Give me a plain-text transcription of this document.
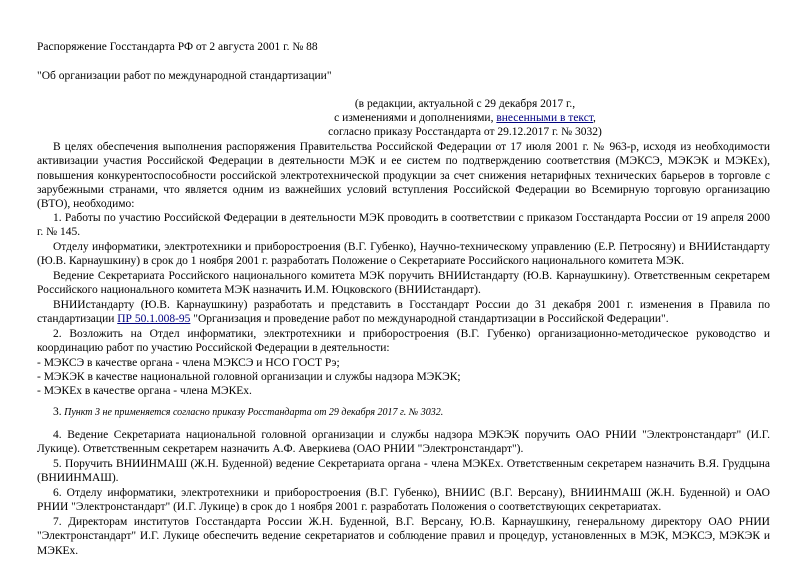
Распоряжение Госстандарта РФ от 2 августа 2001 г. № 88
"Об организации работ по международной стандартизации"
(в редакции, актуальной с 29 декабря 2017 г.,
с изменениями и дополнениями, внесенными в текст,
согласно приказу Росстандарта от 29.12.2017 г. № 3032)
В целях обеспечения выполнения распоряжения Правительства Российской Федерации от 17 июля 2001 г. № 963-р, исходя из необходимости активизации участия Российской Федерации в деятельности МЭК и ее систем по подтверждению соответствия (МЭКСЭ, МЭКЭК и МЭКЕх), повышения конкурентоспособности российской электротехнической продукции за счет снижения нетарифных технических барьеров в торговле с зарубежными странами, что является одним из важнейших условий вступления Российской Федерации во Всемирную торговую организацию (ВТО), необходимо:
1. Работы по участию Российской Федерации в деятельности МЭК проводить в соответствии с приказом Госстандарта России от 19 апреля 2000 г. № 145.
Отделу информатики, электротехники и приборостроения (В.Г. Губенко), Научно-техническому управлению (Е.Р. Петросяну) и ВНИИстандарту (Ю.В. Карнаушкину) в срок до 1 ноября 2001 г. разработать Положение о Секретариате Российского национального комитета МЭК.
Ведение Секретариата Российского национального комитета МЭК поручить ВНИИстандарту (Ю.В. Карнаушкину). Ответственным секретарем Российского национального комитета МЭК назначить И.М. Юцковского (ВНИИстандарт).
ВНИИстандарту (Ю.В. Карнаушкину) разработать и представить в Госстандарт России до 31 декабря 2001 г. изменения в Правила по стандартизации ПР 50.1.008-95 "Организация и проведение работ по международной стандартизации в Российской Федерации".
2. Возложить на Отдел информатики, электротехники и приборостроения (В.Г. Губенко) организационно-методическое руководство и координацию работ по участию Российской Федерации в деятельности:
- МЭКСЭ в качестве органа - члена МЭКСЭ и НСО ГОСТ Рэ;
- МЭКЭК в качестве национальной головной организации и службы надзора МЭКЭК;
- МЭКЕх в качестве органа - члена МЭКЕх.
3. Пункт 3 не применяется согласно приказу Росстандарта от 29 декабря 2017 г. № 3032.
4. Ведение Секретариата национальной головной организации и службы надзора МЭКЭК поручить ОАО РНИИ "Электронстандарт" (И.Г. Лукице). Ответственным секретарем назначить А.Ф. Аверкиева (ОАО РНИИ "Электронстандарт").
5. Поручить ВНИИНМАШ (Ж.Н. Буденной) ведение Секретариата органа - члена МЭКЕх. Ответственным секретарем назначить В.Я. Грудцына (ВНИИНМАШ).
6. Отделу информатики, электротехники и приборостроения (В.Г. Губенко), ВНИИС (В.Г. Версану), ВНИИНМАШ (Ж.Н. Буденной) и ОАО РНИИ "Электронстандарт" (И.Г. Лукице) в срок до 1 ноября 2001 г. разработать Положения о соответствующих секретариатах.
7. Директорам институтов Госстандарта России Ж.Н. Буденной, В.Г. Версану, Ю.В. Карнаушкину, генеральному директору ОАО РНИИ "Электронстандарт" И.Г. Лукице обеспечить ведение секретариатов и соблюдение правил и процедур, установленных в МЭК, МЭКСЭ, МЭКЭК и МЭКЕх.
